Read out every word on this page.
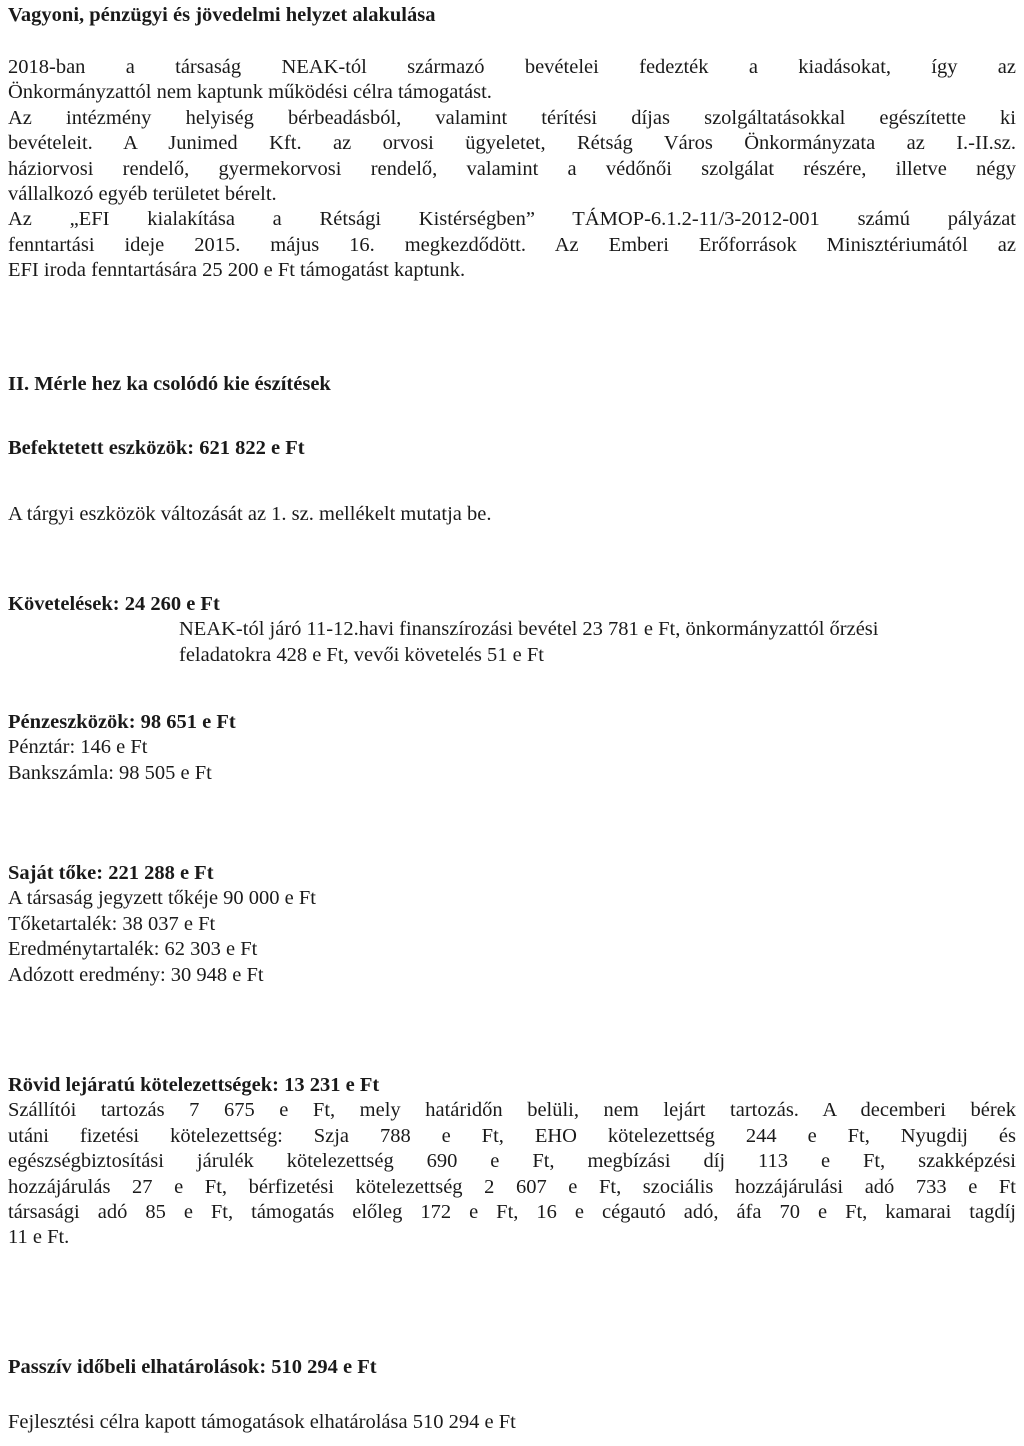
Vagyoni, pénzügyi és jövedelmi helyzet alakulása
2018-ban a társaság NEAK-tól származó bevételei fedezték a kiadásokat, így az
Önkormányzattól nem kaptunk működési célra támogatást.
Az intézmény helyiség bérbeadásból, valamint térítési díjas szolgáltatásokkal egészítette ki
bevételeit. A Junimed Kft. az orvosi ügyeletet, Rétság Város Önkormányzata az I.-II.sz.
háziorvosi rendelő, gyermekorvosi rendelő, valamint a védőnői szolgálat részére, illetve négy
vállalkozó egyéb területet bérelt.
Az „EFI kialakítása a Rétsági Kistérségben” TÁMOP-6.1.2-11/3-2012-001 számú pályázat
fenntartási ideje 2015. május 16. megkezdődött. Az Emberi Erőforrások Minisztériumától az
EFI iroda fenntartására 25 200 e Ft támogatást kaptunk.
II. Mérle hez ka csolódó kie észítések
Befektetett eszközök: 621 822 e Ft
A tárgyi eszközök változását az 1. sz. mellékelt mutatja be.
Követelések: 24 260 e Ft
NEAK-tól járó 11-12.havi finanszírozási bevétel 23 781 e Ft, önkormányzattól őrzési
feladatokra 428 e Ft, vevői követelés 51 e Ft
Pénzeszközök: 98 651 e Ft
Pénztár: 146 e Ft
Bankszámla: 98 505 e Ft
Saját tőke: 221 288 e Ft
A társaság jegyzett tőkéje 90 000 e Ft
Tőketartalék: 38 037 e Ft
Eredménytartalék: 62 303 e Ft
Adózott eredmény: 30 948 e Ft
Rövid lejáratú kötelezettségek: 13 231 e Ft
Szállítói tartozás 7 675 e Ft, mely határidőn belüli, nem lejárt tartozás. A decemberi bérek
utáni fizetési kötelezettség: Szja 788 e Ft, EHO kötelezettség 244 e Ft, Nyugdij és
egészségbiztosítási járulék kötelezettség 690 e Ft, megbízási díj 113 e Ft, szakképzési
hozzájárulás 27 e Ft, bérfizetési kötelezettség 2 607 e Ft, szociális hozzájárulási adó 733 e Ft
társasági adó 85 e Ft, támogatás előleg 172 e Ft, 16 e cégautó adó, áfa 70 e Ft, kamarai tagdíj
11 e Ft.
Passzív időbeli elhatárolások: 510 294 e Ft
Fejlesztési célra kapott támogatások elhatárolása 510 294 e Ft
